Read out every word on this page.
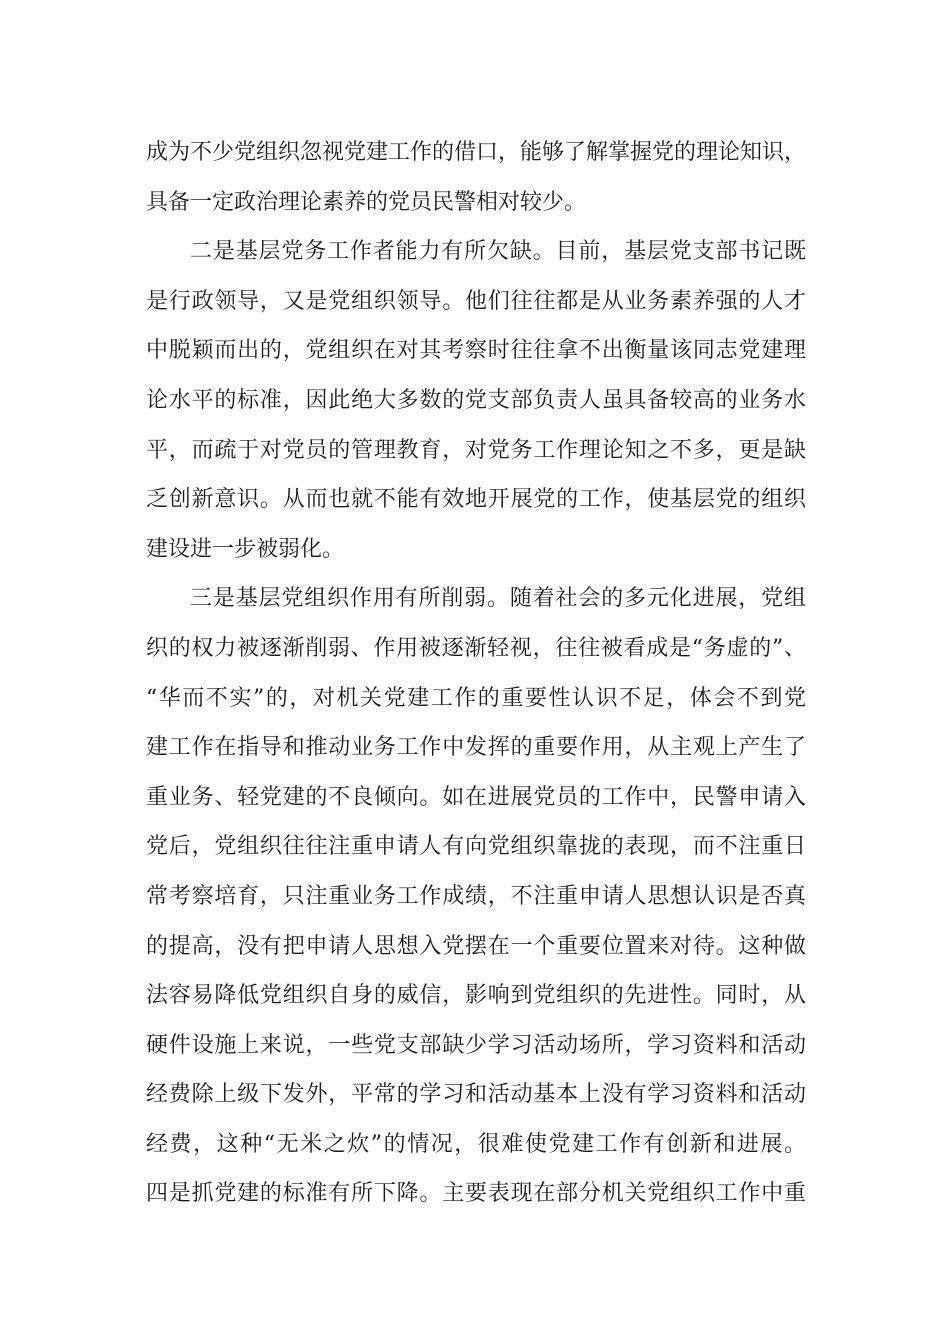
成为不少党组织忽视党建工作的借口，能够了解掌握党的理论知识，
具备一定政治理论素养的党员民警相对较少。
二是基层党务工作者能力有所欠缺。目前，基层党支部书记既
是行政领导，又是党组织领导。他们往往都是从业务素养强的人才
中脱颖而出的，党组织在对其考察时往往拿不出衡量该同志党建理
论水平的标准，因此绝大多数的党支部负责人虽具备较高的业务水
平，而疏于对党员的管理教育，对党务工作理论知之不多，更是缺
乏创新意识。从而也就不能有效地开展党的工作，使基层党的组织
建设进一步被弱化。
三是基层党组织作用有所削弱。随着社会的多元化进展，党组
织的权力被逐渐削弱、作用被逐渐轻视，往往被看成是“务虚的”、
“华而不实”的，对机关党建工作的重要性认识不足，体会不到党
建工作在指导和推动业务工作中发挥的重要作用，从主观上产生了
重业务、轻党建的不良倾向。如在进展党员的工作中，民警申请入
党后，党组织往往注重申请人有向党组织靠拢的表现，而不注重日
常考察培育，只注重业务工作成绩，不注重申请人思想认识是否真
的提高，没有把申请人思想入党摆在一个重要位置来对待。这种做
法容易降低党组织自身的威信，影响到党组织的先进性。同时，从
硬件设施上来说，一些党支部缺少学习活动场所，学习资料和活动
经费除上级下发外，平常的学习和活动基本上没有学习资料和活动
经费，这种“无米之炊”的情况，很难使党建工作有创新和进展。
四是抓党建的标准有所下降。主要表现在部分机关党组织工作中重
